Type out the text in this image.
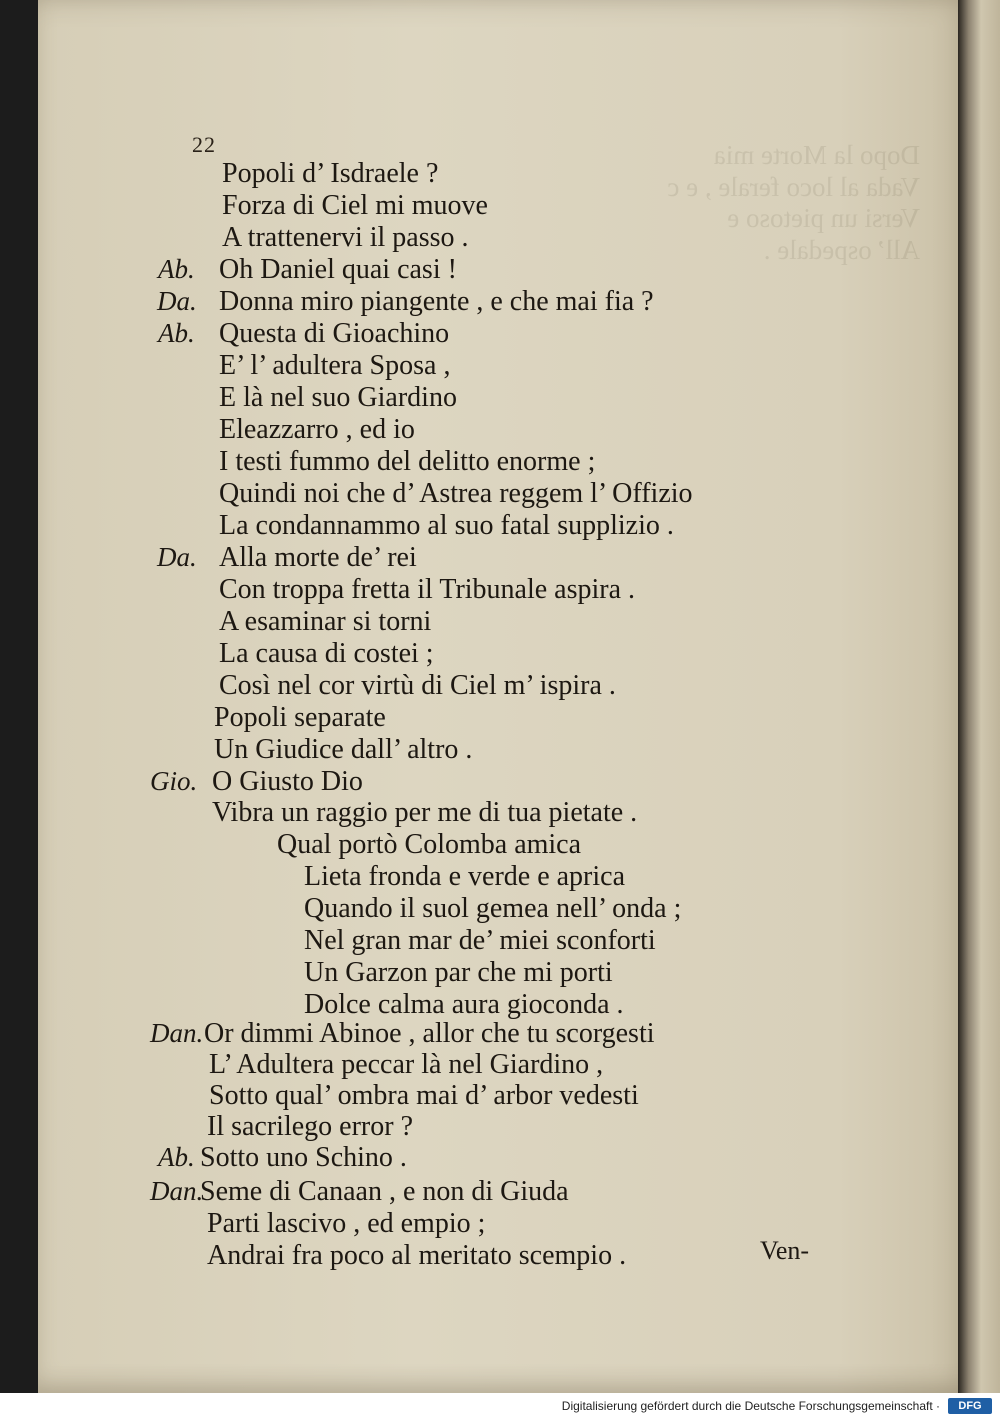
22
Popoli d’ Isdraele ?
Forza di Ciel mi muove
A trattenervi il passo .
Ab. Oh Daniel quai casi !
Da. Donna miro piangente , e che mai fia ?
Ab. Questa di Gioachino
E’ l’ adultera Sposa ,
E là nel suo Giardino
Eleazzarro , ed io
I testi fummo del delitto enorme ;
Quindi noi che d’ Astrea reggem l’ Offizio
La condannammo al suo fatal supplizio .
Da. Alla morte de’ rei
Con troppa fretta il Tribunale aspira .
A esaminar si torni
La causa di costei ;
Così nel cor virtù di Ciel m’ ispira .
Popoli separate
Un Giudice dall’ altro .
Gio. O Giusto Dio
Vibra un raggio per me di tua pietate .
Qual portò Colomba amica
Lieta fronda e verde e aprica
Quando il suol gemea nell’ onda ;
Nel gran mar de’ miei sconforti
Un Garzon par che mi porti
Dolce calma aura gioconda .
Dan. Or dimmi Abinoe , allor che tu scorgesti
L’ Adultera peccar là nel Giardino ,
Sotto qual’ ombra mai d’ arbor vedesti
Il sacrilego error ?
Ab. Sotto uno Schino .
Dan.
Seme di Canaan , e non di Giuda
Parti lascivo , ed empio ;
Andrai fra poco al meritato scempio .	Ven-
Digitalisierung gefördert durch die Deutsche Forschungsgemeinschaft ·	DFG
